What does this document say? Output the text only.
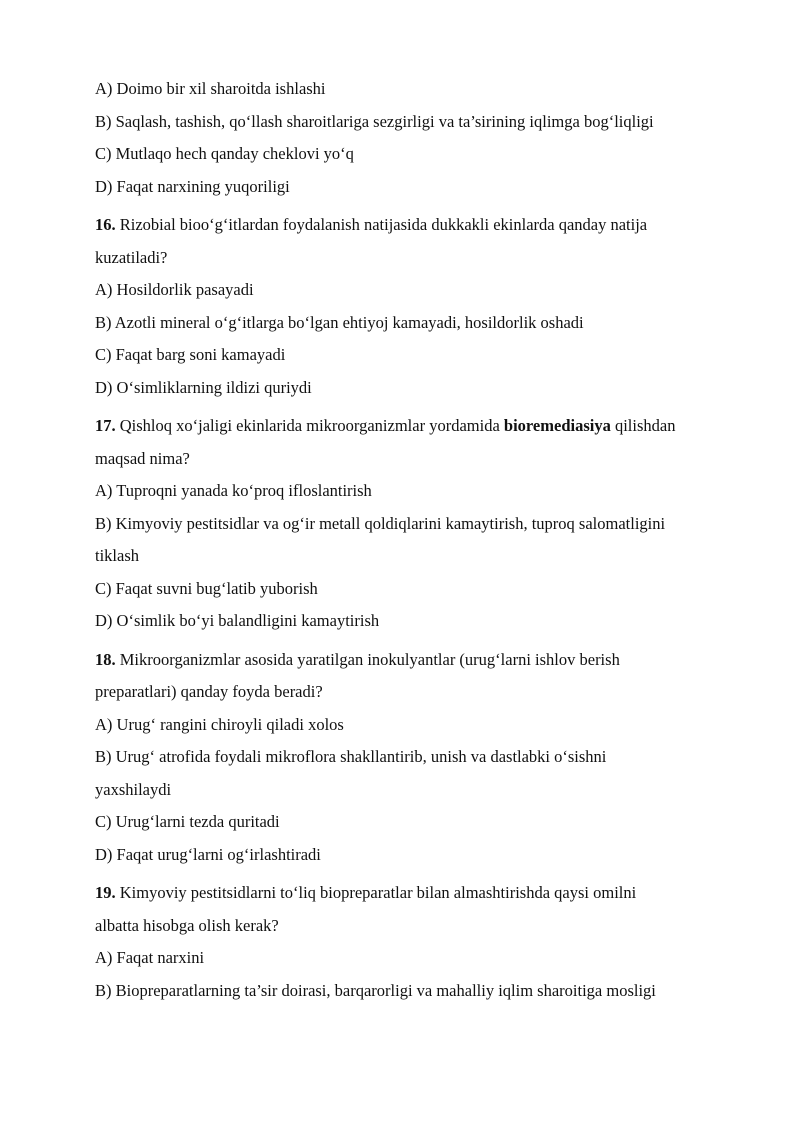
A) Doimo bir xil sharoitda ishlashi
B) Saqlash, tashish, qo‘llash sharoitlariga sezgirligi va ta’sirining iqlimga bog‘liqligi
C) Mutlaqo hech qanday cheklovi yo‘q
D) Faqat narxining yuqoriligi
16. Rizobial bioo‘g‘itlardan foydalanish natijasida dukkakli ekinlarda qanday natija
kuzatiladi?
A) Hosildorlik pasayadi
B) Azotli mineral o‘g‘itlarga bo‘lgan ehtiyoj kamayadi, hosildorlik oshadi
C) Faqat barg soni kamayadi
D) O‘simliklarning ildizi quriydi
17. Qishloq xo‘jaligi ekinlarida mikroorganizmlar yordamida bioremediasiya qilishdan
maqsad nima?
A) Tuproqni yanada ko‘proq ifloslantirish
B) Kimyoviy pestitsidlar va og‘ir metall qoldiqlarini kamaytirish, tuproq salomatligini
tiklash
C) Faqat suvni bug‘latib yuborish
D) O‘simlik bo‘yi balandligini kamaytirish
18. Mikroorganizmlar asosida yaratilgan inokulyantlar (urug‘larni ishlov berish
preparatlari) qanday foyda beradi?
A) Urug‘ rangini chiroyli qiladi xolos
B) Urug‘ atrofida foydali mikroflora shakllantirib, unish va dastlabki o‘sishni
yaxshilaydi
C) Urug‘larni tezda quritadi
D) Faqat urug‘larni og‘irlashtiradi
19. Kimyoviy pestitsidlarni to‘liq biopreparatlar bilan almashtirishda qaysi omilni
albatta hisobga olish kerak?
A) Faqat narxini
B) Biopreparatlarning ta’sir doirasi, barqarorligi va mahalliy iqlim sharoitiga mosligi
